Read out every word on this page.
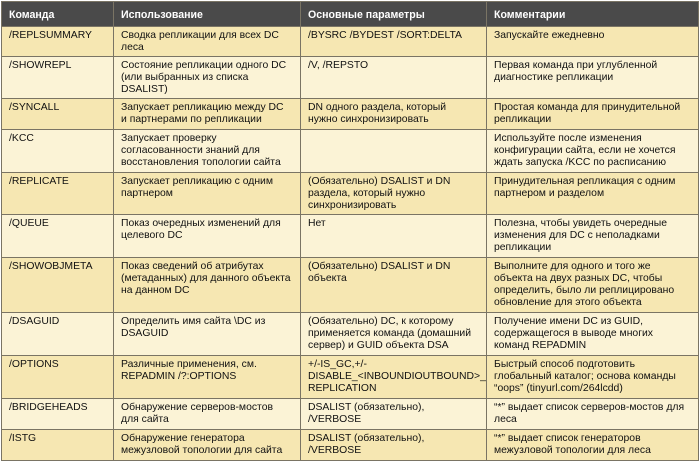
Команда	Использование	Основные параметры	Комментарии
/REPLSUMMARY	Сводка репликации для всех DC леса	/BYSRC /BYDEST /SORT:DELTA	Запускайте ежедневно
/SHOWREPL	Состояние репликации одного DC (или выбранных из списка DSALIST)	/V, /REPSTO	Первая команда при углубленной диагностике репликации
/SYNCALL	Запускает репликацию между DC и партнерами по репликации	DN одного раздела, который нужно синхронизировать	Простая команда для принудительной репликации
/KCC	Запускает проверку согласованности знаний для восстановления топологии сайта		Используйте после изменения конфигурации сайта, если не хочется ждать запуска /KCC по расписанию
/REPLICATE	Запускает репликацию с одним партнером	(Обязательно) DSALIST и DN раздела, который нужно синхронизировать	Принудительная репликация с одним партнером и разделом
/QUEUE	Показ очередных изменений для целевого DC	Нет	Полезна, чтобы увидеть очередные изменения для DC с неполадками репликации
/SHOWOBJMETA	Показ сведений об атрибутах (метаданных) для данного объекта на данном DC	(Обязательно) DSALIST и DN объекта	Выполните для одного и того же объекта на двух разных DC, чтобы определить, было ли реплицировано обновление для этого объекта
/DSAGUID	Определить имя сайта \DC из DSAGUID	(Обязательно) DC, к которому применяется команда (домашний сервер) и GUID объекта DSA	Получение имени DC из GUID, содержащегося в выводе многих команд REPADMIN
/OPTIONS	Различные применения, см. REPADMIN /?:OPTIONS	+/-IS_GC,+/-DISABLE_<INBOUNDIOUTBOUND>_ REPLICATION	Быстрый способ подготовить глобальный каталог; основа команды “oops” (tinyurl.com/264lcdd)
/BRIDGEHEADS	Обнаружение серверов-мостов для сайта	DSALIST (обязательно), /VERBOSE	“*” выдает список серверов-мостов для леса
/ISTG	Обнаружение генератора межузловой топологии для сайта	DSALIST (обязательно), /VERBOSE	“*” выдает список генераторов межузловой топологии для леса
